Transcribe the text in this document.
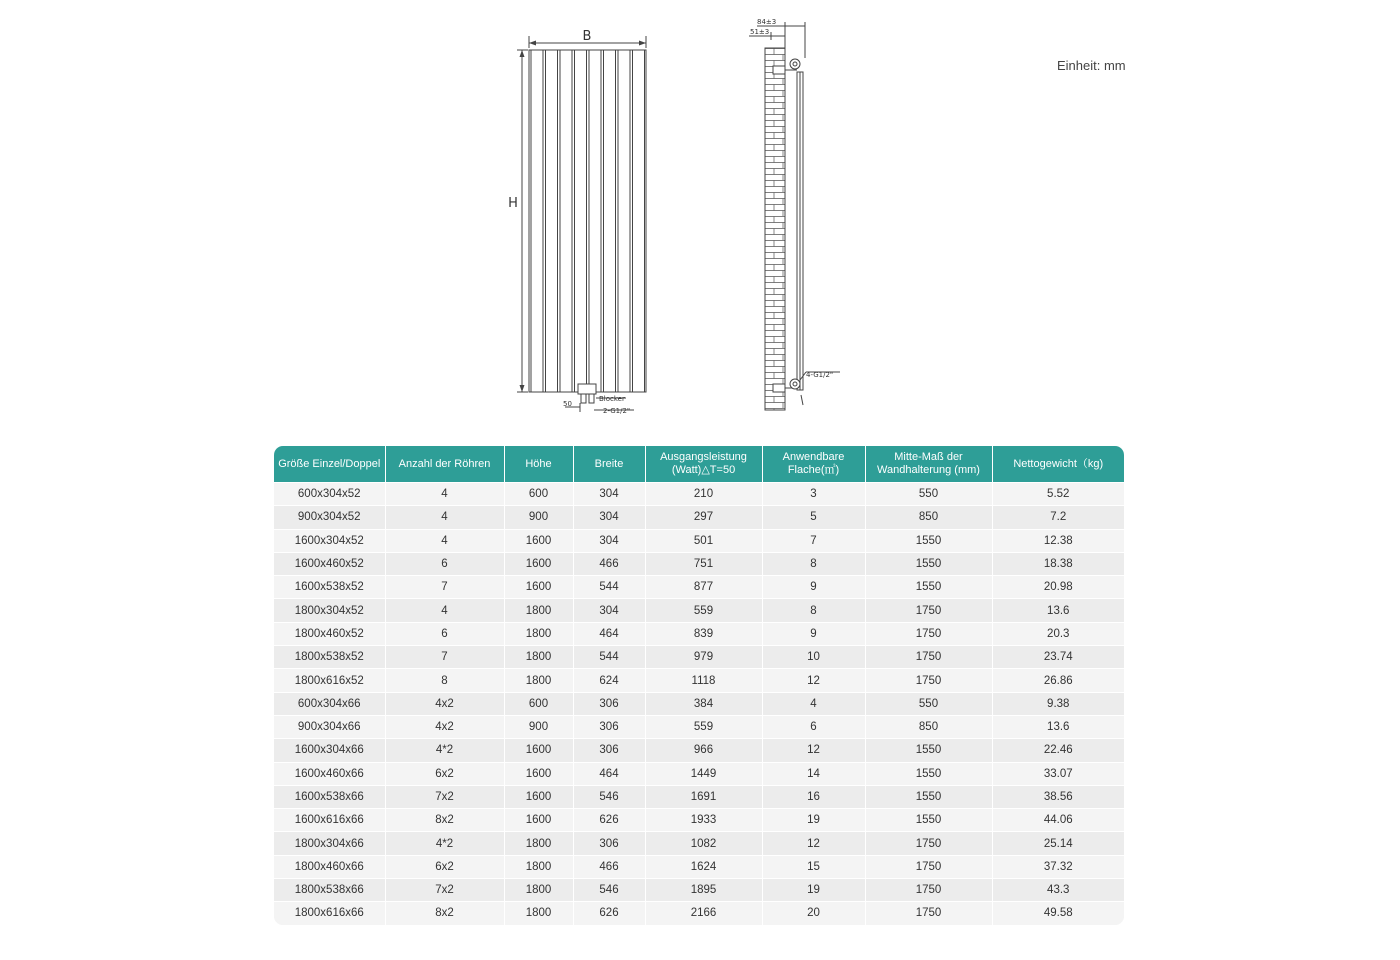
B
H
Blocker
50
2-G1/2"
84±3
51±3
4-G1/2"
Einheit: mm
Größe Einzel/Doppel	Anzahl der Röhren	Höhe	Breite	Ausgangsleistung (Watt)△T=50	Anwendbare Flache(㎡)	Mitte-Maß der Wandhalterung (mm)	Nettogewicht（kg)
600x304x52	4	600	304	210	3	550	5.52
900x304x52	4	900	304	297	5	850	7.2
1600x304x52	4	1600	304	501	7	1550	12.38
1600x460x52	6	1600	466	751	8	1550	18.38
1600x538x52	7	1600	544	877	9	1550	20.98
1800x304x52	4	1800	304	559	8	1750	13.6
1800x460x52	6	1800	464	839	9	1750	20.3
1800x538x52	7	1800	544	979	10	1750	23.74
1800x616x52	8	1800	624	1118	12	1750	26.86
600x304x66	4x2	600	306	384	4	550	9.38
900x304x66	4x2	900	306	559	6	850	13.6
1600x304x66	4*2	1600	306	966	12	1550	22.46
1600x460x66	6x2	1600	464	1449	14	1550	33.07
1600x538x66	7x2	1600	546	1691	16	1550	38.56
1600x616x66	8x2	1600	626	1933	19	1550	44.06
1800x304x66	4*2	1800	306	1082	12	1750	25.14
1800x460x66	6x2	1800	466	1624	15	1750	37.32
1800x538x66	7x2	1800	546	1895	19	1750	43.3
1800x616x66	8x2	1800	626	2166	20	1750	49.58
